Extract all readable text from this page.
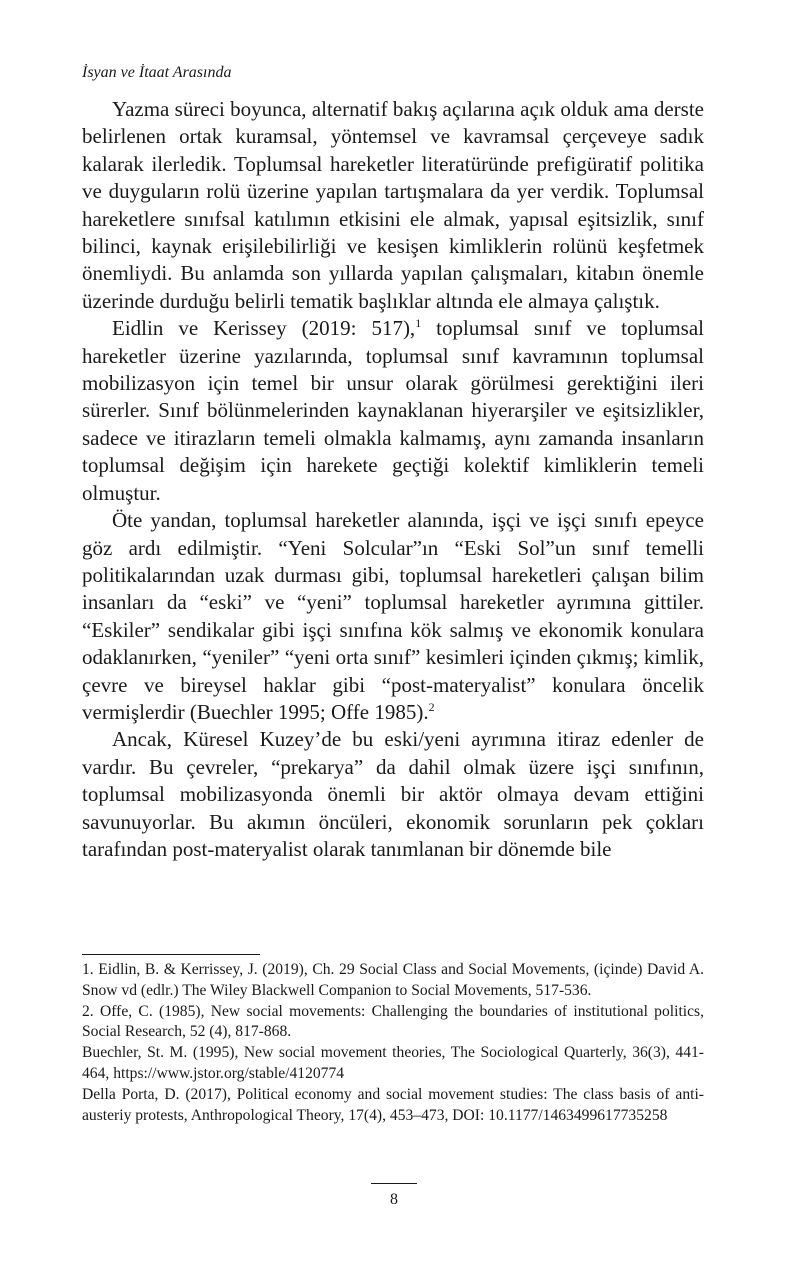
İsyan ve İtaat Arasında

Yazma süreci boyunca, alternatif bakış açılarına açık olduk ama derste belirlenen ortak kuramsal, yöntemsel ve kavramsal çerçeveye sadık kalarak ilerledik. Toplumsal hareketler literatüründe prefigüratif politika ve duyguların rolü üzerine yapılan tartışmalara da yer verdik. Toplumsal hareketlere sınıfsal katılımın etkisini ele almak, yapısal eşitsizlik, sınıf bilinci, kaynak erişilebilirliği ve kesişen kimliklerin rolünü keşfetmek önemliydi. Bu anlamda son yıllarda yapılan çalışmaları, kitabın önemle üzerinde durduğu belirli tematik başlıklar altında ele almaya çalıştık.

Eidlin ve Kerissey (2019: 517),$^1$ toplumsal sınıf ve toplumsal hareketler üzerine yazılarında, toplumsal sınıf kavramının toplumsal mobilizasyon için temel bir unsur olarak görülmesi gerektiğini ileri sürerler. Sınıf bölünmelerinden kaynaklanan hiyerarşiler ve eşitsizlikler, sadece ve itirazların temeli olmakla kalmamış, aynı zamanda insanların toplumsal değişim için harekete geçtiği kolektif kimliklerin temeli olmuştur.

Öte yandan, toplumsal hareketler alanında, işçi ve işçi sınıfı epeyce göz ardı edilmiştir. “Yeni Solcular”ın “Eski Sol”un sınıf temelli politikalarından uzak durması gibi, toplumsal hareketleri çalışan bilim insanları da “eski” ve “yeni” toplumsal hareketler ayrımına gittiler. “Eskiler” sendikalar gibi işçi sınıfına kök salmış ve ekonomik konulara odaklanırken, “yeniler” “yeni orta sınıf” kesimleri içinden çıkmış; kimlik, çevre ve bireysel haklar gibi “post-materyalist” konulara öncelik vermişlerdir (Buechler 1995; Offe 1985).$^2$

Ancak, Küresel Kuzey’de bu eski/yeni ayrımına itiraz edenler de vardır. Bu çevreler, “prekarya” da dahil olmak üzere işçi sınıfının, toplumsal mobilizasyonda önemli bir aktör olmaya devam ettiğini savunuyorlar. Bu akımın öncüleri, ekonomik sorunların pek çokları tarafından post-materyalist olarak tanımlanan bir dönemde bile

1. Eidlin, B. & Kerrissey, J. (2019), Ch. 29 Social Class and Social Movements, (içinde) David A. Snow vd (edlr.) The Wiley Blackwell Companion to Social Movements, 517-536.

2. Offe, C. (1985), New social movements: Challenging the boundaries of institutional politics, Social Research, 52 (4), 817-868.

Buechler, St. M. (1995), New social movement theories, The Sociological Quarterly, 36(3), 441-464, https://www.jstor.org/stable/4120774

Della Porta, D. (2017), Political economy and social movement studies: The class basis of anti-austeriy protests, Anthropological Theory, 17(4), 453–473, DOI: 10.1177/1463499617735258

8
